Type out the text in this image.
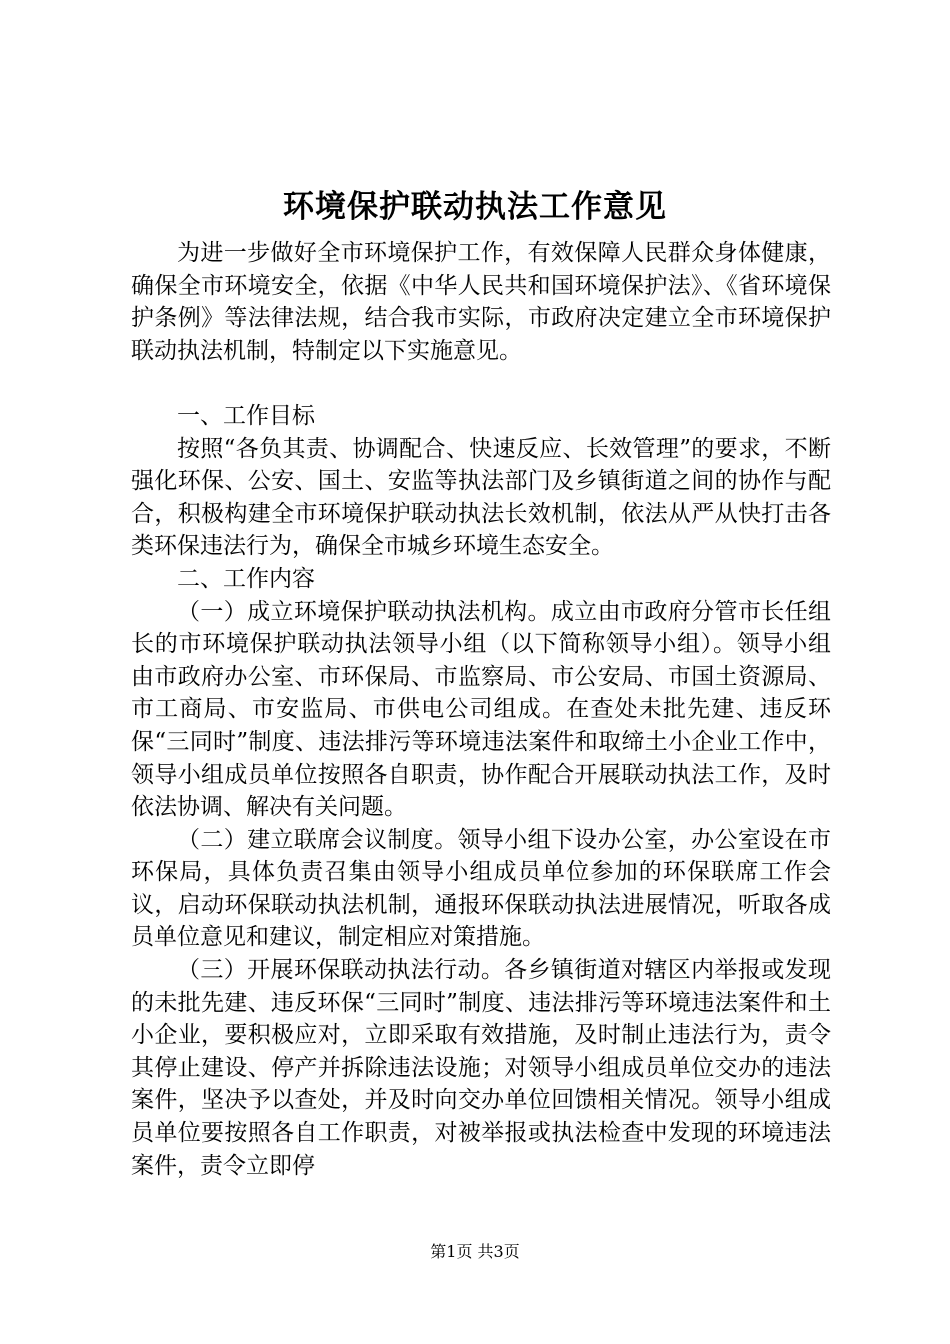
环境保护联动执法工作意见

为进一步做好全市环境保护工作，有效保障人民群众身体健康，确保全市环境安全，依据《中华人民共和国环境保护法》、《省环境保护条例》等法律法规，结合我市实际，市政府决定建立全市环境保护联动执法机制，特制定以下实施意见。

一、工作目标

按照“各负其责、协调配合、快速反应、长效管理”的要求，不断强化环保、公安、国土、安监等执法部门及乡镇街道之间的协作与配合，积极构建全市环境保护联动执法长效机制，依法从严从快打击各类环保违法行为，确保全市城乡环境生态安全。

二、工作内容

（一）成立环境保护联动执法机构。成立由市政府分管市长任组长的市环境保护联动执法领导小组（以下简称领导小组）。领导小组由市政府办公室、市环保局、市监察局、市公安局、市国土资源局、市工商局、市安监局、市供电公司组成。在查处未批先建、违反环保“三同时”制度、违法排污等环境违法案件和取缔土小企业工作中，领导小组成员单位按照各自职责，协作配合开展联动执法工作，及时依法协调、解决有关问题。

（二）建立联席会议制度。领导小组下设办公室，办公室设在市环保局，具体负责召集由领导小组成员单位参加的环保联席工作会议，启动环保联动执法机制，通报环保联动执法进展情况，听取各成员单位意见和建议，制定相应对策措施。

（三）开展环保联动执法行动。各乡镇街道对辖区内举报或发现的未批先建、违反环保“三同时”制度、违法排污等环境违法案件和土小企业，要积极应对，立即采取有效措施，及时制止违法行为，责令其停止建设、停产并拆除违法设施；对领导小组成员单位交办的违法案件，坚决予以查处，并及时向交办单位回馈相关情况。领导小组成员单位要按照各自工作职责，对被举报或执法检查中发现的环境违法案件，责令立即停

第1页 共3页
